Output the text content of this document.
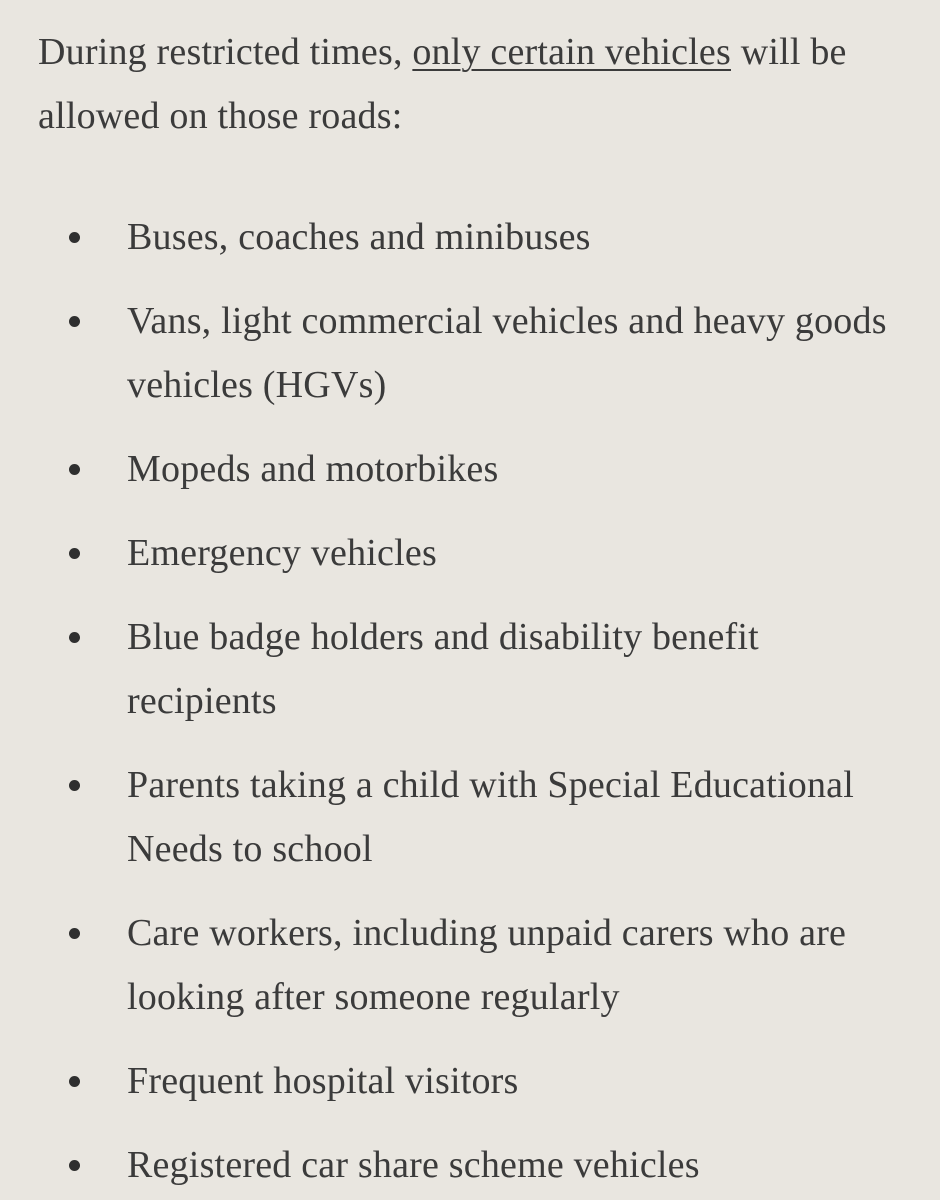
During restricted times, only certain vehicles will be allowed on those roads:

Buses, coaches and minibuses
Vans, light commercial vehicles and heavy goods vehicles (HGVs)
Mopeds and motorbikes
Emergency vehicles
Blue badge holders and disability benefit recipients
Parents taking a child with Special Educational Needs to school
Care workers, including unpaid carers who are looking after someone regularly
Frequent hospital visitors
Registered car share scheme vehicles
